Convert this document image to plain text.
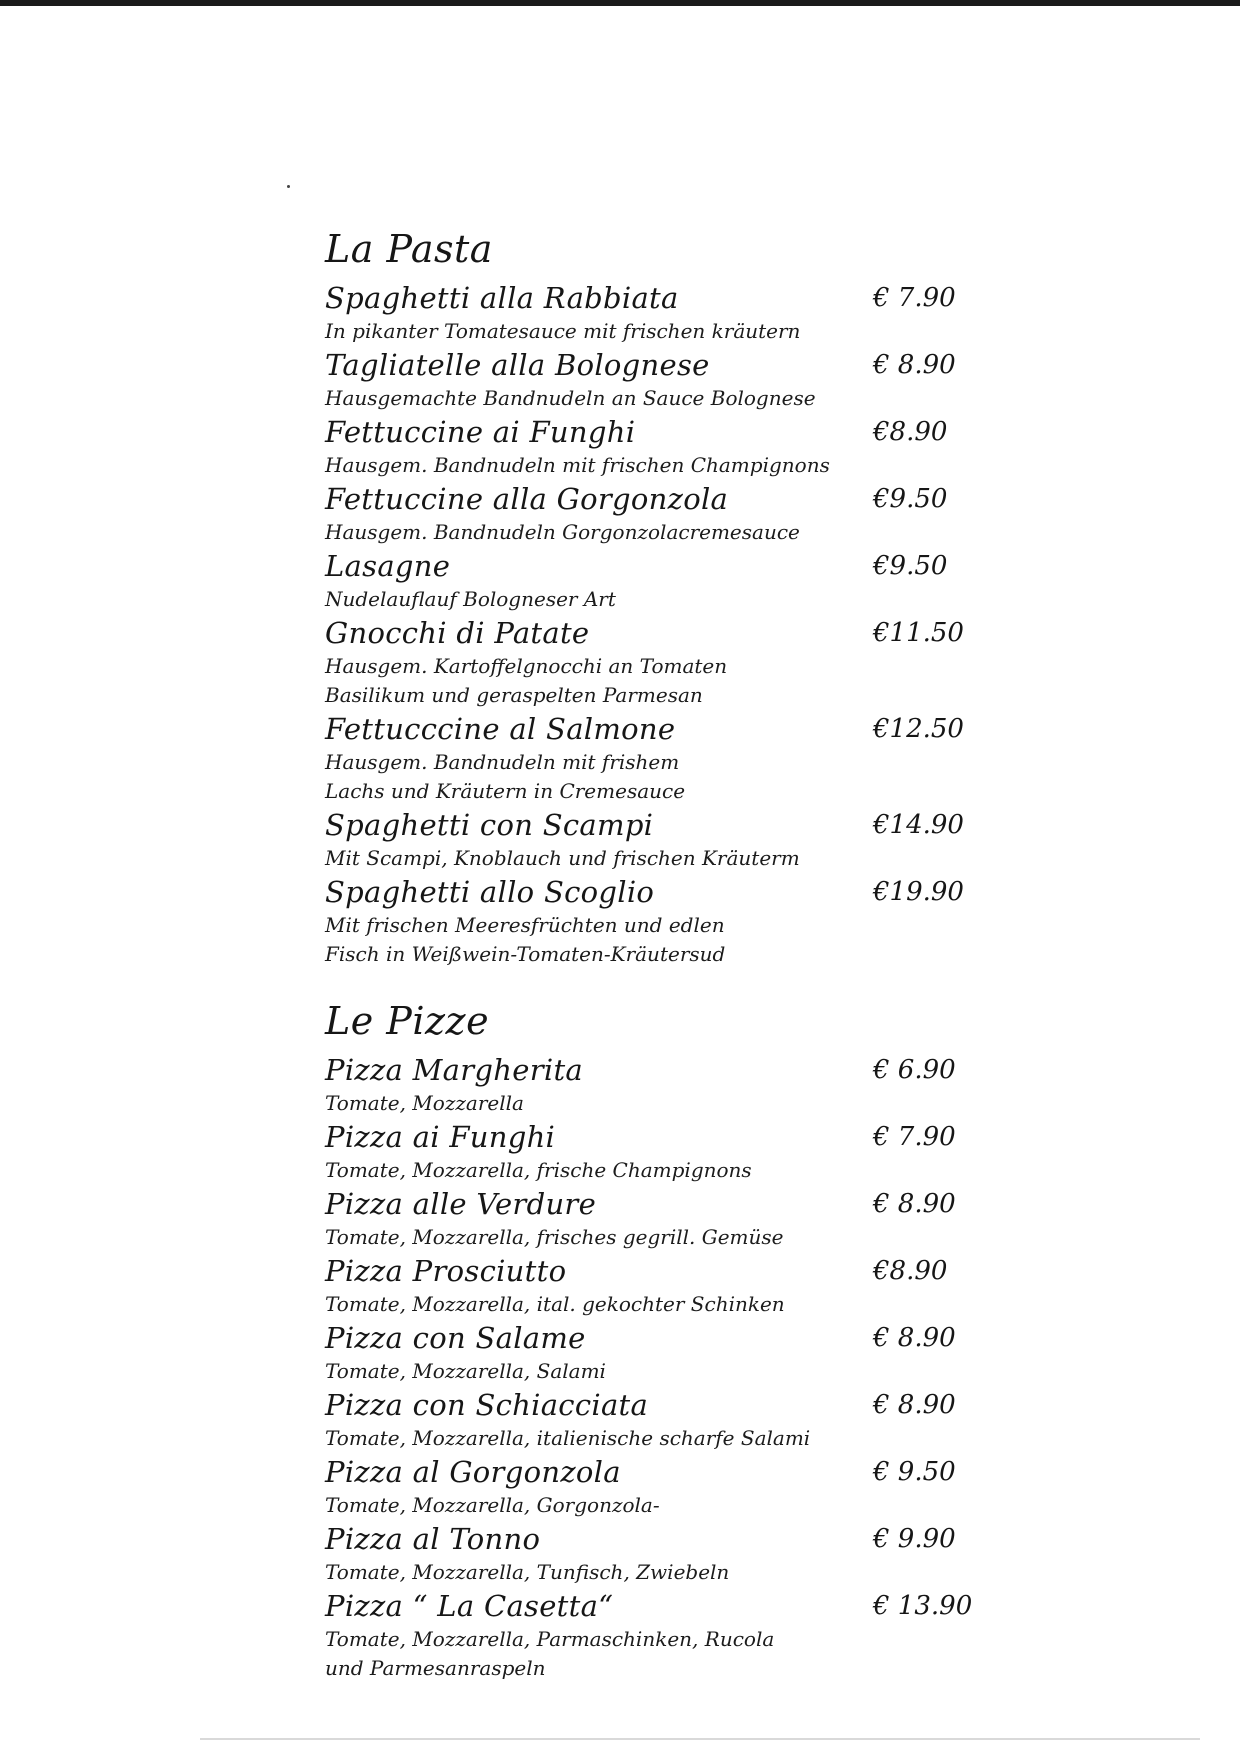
La Pasta
Spaghetti alla Rabbiata	€ 7.90
In pikanter Tomatesauce mit frischen kräutern
Tagliatelle alla Bolognese	€ 8.90
Hausgemachte Bandnudeln an Sauce Bolognese
Fettuccine ai Funghi	€8.90
Hausgem. Bandnudeln mit frischen Champignons
Fettuccine alla Gorgonzola	€9.50
Hausgem. Bandnudeln Gorgonzolacremesauce
Lasagne	€9.50
Nudelauflauf Bologneser Art
Gnocchi di Patate	€11.50
Hausgem. Kartoffelgnocchi an Tomaten
Basilikum und geraspelten Parmesan
Fettucccine al Salmone	€12.50
Hausgem. Bandnudeln mit frishem
Lachs und Kräutern in Cremesauce
Spaghetti con Scampi	€14.90
Mit Scampi, Knoblauch und frischen Kräuterm
Spaghetti allo Scoglio	€19.90
Mit frischen Meeresfrüchten und edlen
Fisch in Weißwein-Tomaten-Kräutersud
Le Pizze
Pizza Margherita	€ 6.90
Tomate, Mozzarella
Pizza ai Funghi	€ 7.90
Tomate, Mozzarella, frische Champignons
Pizza alle Verdure	€ 8.90
Tomate, Mozzarella, frisches gegrill. Gemüse
Pizza Prosciutto	€8.90
Tomate, Mozzarella, ital. gekochter Schinken
Pizza con Salame	€ 8.90
Tomate, Mozzarella, Salami
Pizza con Schiacciata	€ 8.90
Tomate, Mozzarella, italienische scharfe Salami
Pizza al Gorgonzola	€ 9.50
Tomate, Mozzarella, Gorgonzola-
Pizza al Tonno	€ 9.90
Tomate, Mozzarella, Tunfisch, Zwiebeln
Pizza “ La Casetta“	€ 13.90
Tomate, Mozzarella, Parmaschinken, Rucola
und Parmesanraspeln
